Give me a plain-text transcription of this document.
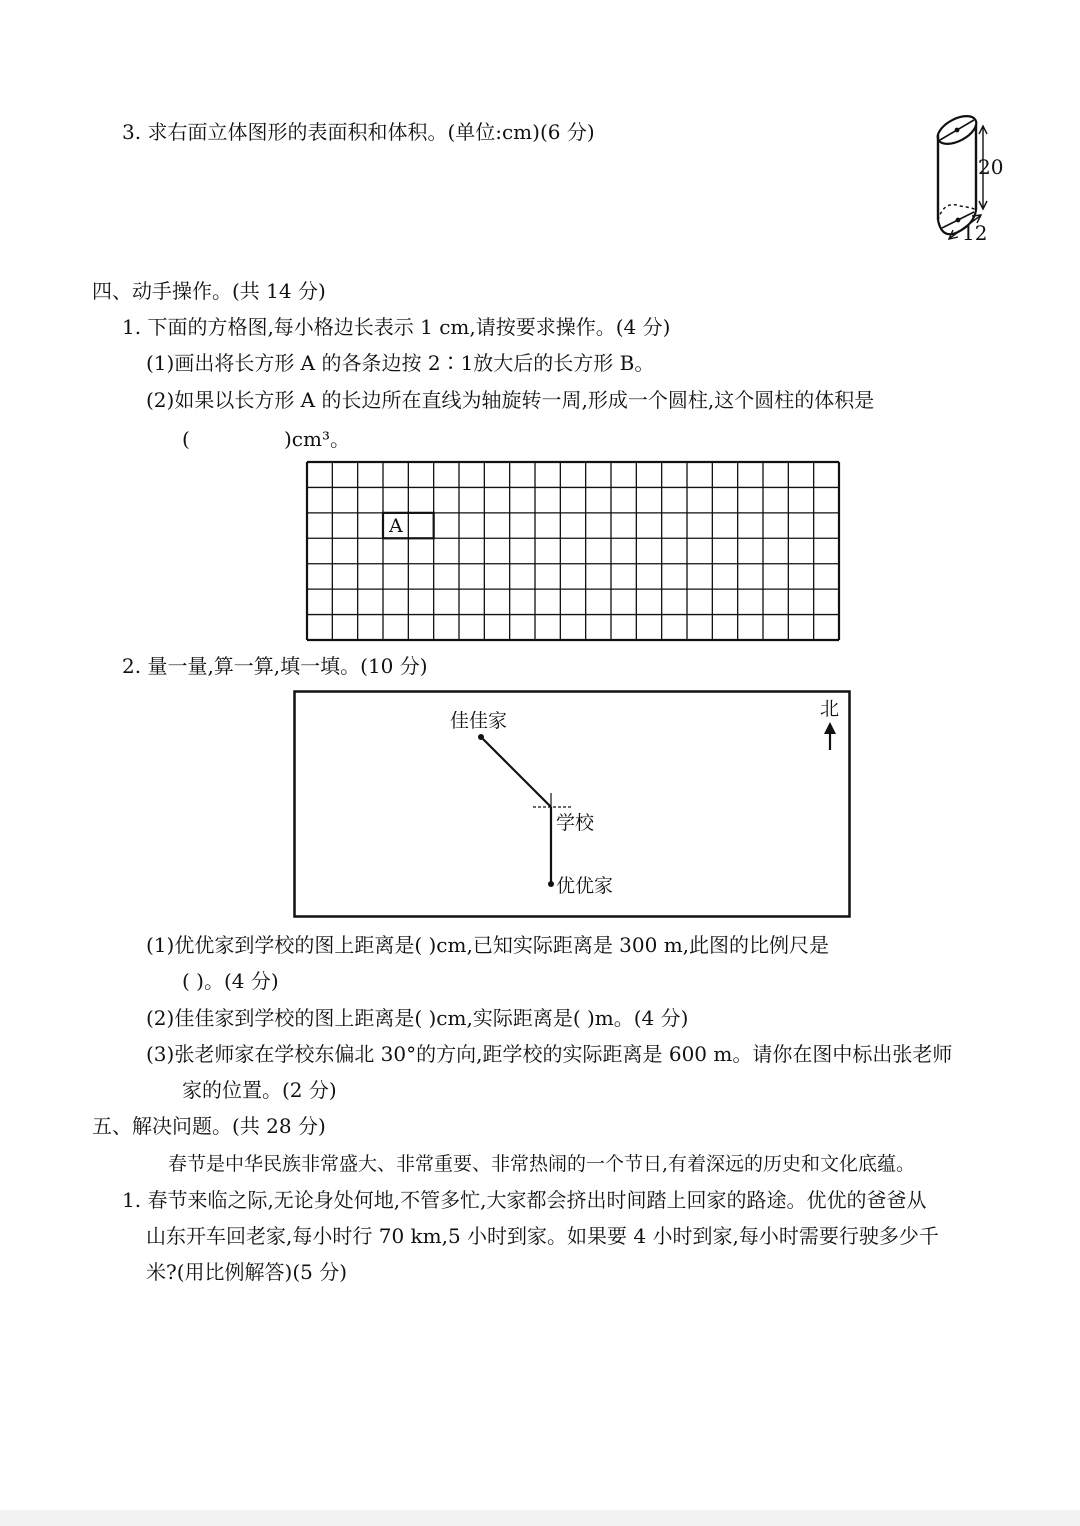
3. 求右面立体图形的表面积和体积。(单位:cm)(6 分)
20
12
四、动手操作。(共 14 分)
1. 下面的方格图,每小格边长表示 1 cm,请按要求操作。(4 分)
(1)画出将长方形 A 的各条边按 2∶1放大后的长方形 B。
(2)如果以长方形 A 的长边所在直线为轴旋转一周,形成一个圆柱,这个圆柱的体积是
(	)cm³。
A
2. 量一量,算一算,填一填。(10 分)
佳佳家
学校
优优家
北
(1)优优家到学校的图上距离是( )cm,已知实际距离是 300 m,此图的比例尺是
( )。(4 分)
(2)佳佳家到学校的图上距离是( )cm,实际距离是( )m。(4 分)
(3)张老师家在学校东偏北 30°的方向,距学校的实际距离是 600 m。请你在图中标出张老师
家的位置。(2 分)
五、解决问题。(共 28 分)
春节是中华民族非常盛大、非常重要、非常热闹的一个节日,有着深远的历史和文化底蕴。
1. 春节来临之际,无论身处何地,不管多忙,大家都会挤出时间踏上回家的路途。优优的爸爸从
山东开车回老家,每小时行 70 km,5 小时到家。如果要 4 小时到家,每小时需要行驶多少千
米?(用比例解答)(5 分)
